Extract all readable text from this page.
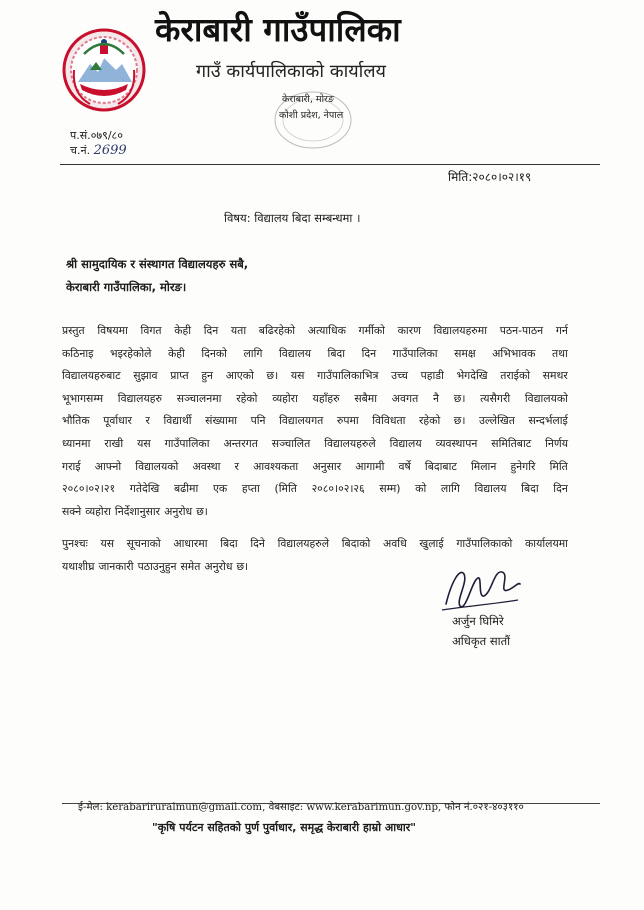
केराबारी गाउँपालिका
गाउँ कार्यपालिकाको कार्यालय
केराबारी, मोरङ
कोशी प्रदेश, नेपाल
प.सं.०७९/८०
च.नं. 2699
मिति:२०८०।०२।१९
विषय: विद्यालय बिदा सम्बन्धमा ।
श्री सामुदायिक र संस्थागत विद्यालयहरु सबै,
केराबारी गाउँपालिका, मोरङ।
प्रस्तुत विषयमा विगत केही दिन यता बढिरहेको अत्याधिक गर्मीको कारण विद्यालयहरुमा पठन-पाठन गर्न
कठिनाइ भइरहेकोले केही दिनको लागि विद्यालय बिदा दिन गाउँपालिका समक्ष अभिभावक तथा
विद्यालयहरुबाट सुझाव प्राप्त हुन आएको छ। यस गाउँपालिकाभित्र उच्च पहाडी भेगदेखि तराईको समथर
भूभागसम्म विद्यालयहरु सञ्चालनमा रहेको व्यहोरा यहाँहरु सबैमा अवगत नै छ। त्यसैगरी विद्यालयको
भौतिक पूर्वाधार र विद्यार्थी संख्यामा पनि विद्यालयगत रुपमा विविधता रहेको छ। उल्लेखित सन्दर्भलाई
ध्यानमा राखी यस गाउँपालिका अन्तरगत सञ्चालित विद्यालयहरुले विद्यालय व्यवस्थापन समितिबाट निर्णय
गराई आफ्नो विद्यालयको अवस्था र आवश्यकता अनुसार आगामी वर्षे बिदाबाट मिलान हुनेगरि मिति
२०८०।०२।२१ गतेदेखि बढीमा एक हप्ता (मिति २०८०।०२।२६ सम्म) को लागि विद्यालय बिदा दिन
सक्ने व्यहोरा निर्देशानुसार अनुरोध छ।
पुनश्चः यस सूचनाको आधारमा बिदा दिने विद्यालयहरुले बिदाको अवधि खुलाई गाउँपालिकाको कार्यालयमा
यथाशीघ्र जानकारी पठाउनुहुन समेत अनुरोध छ।
अर्जुन घिमिरे
अधिकृत सातौं
ई-मेल: kerabariruralmun@gmail.com, वेबसाइट: www.kerabarimun.gov.np, फोन नं.०२१-४०३११०
"कृषि पर्यटन सहितको पुर्ण पुर्वाधार, समृद्ध केराबारी हाम्रो आधार"
